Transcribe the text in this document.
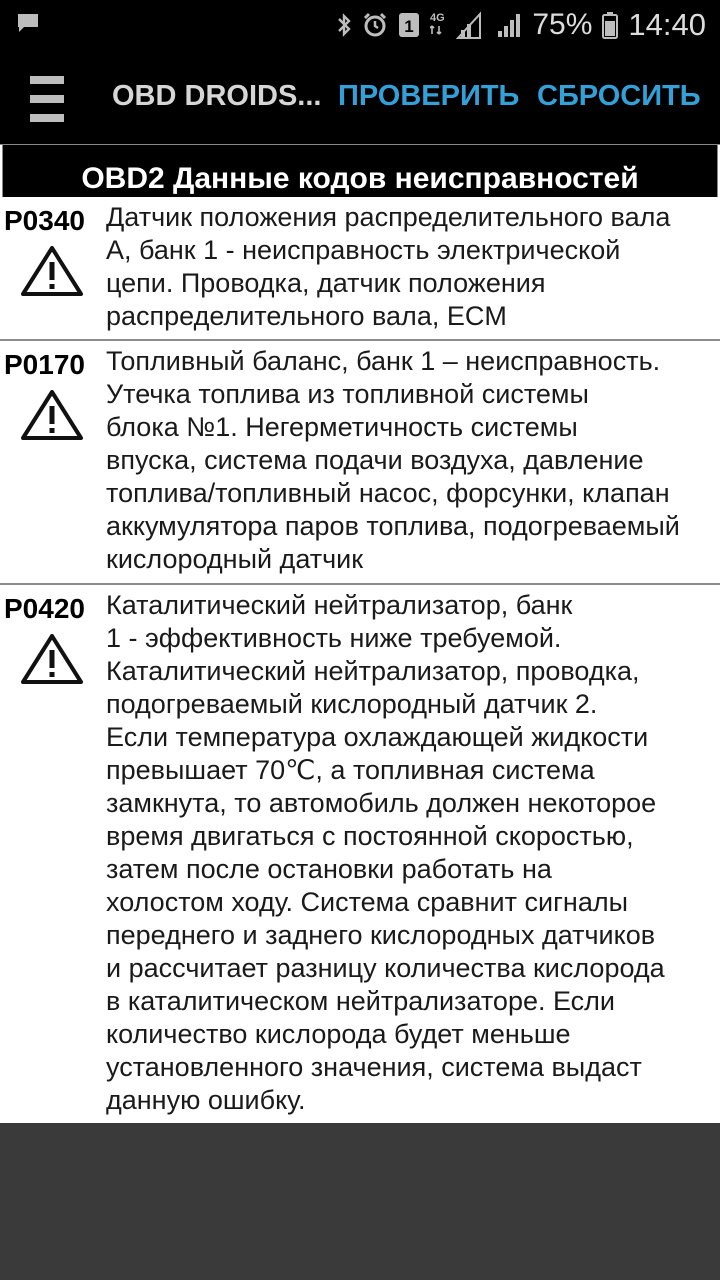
1 4G	75% 14:40
OBD DROIDS... ПРОВЕРИТЬ СБРОСИТЬ
OBD2 Данные кодов неисправностей
P0340 Датчик положения распределительного вала
А, банк 1 - неисправность электрической
цепи. Проводка, датчик положения
распределительного вала, ECM
P0170 Топливный баланс, банк 1 – неисправность.
Утечка топлива из топливной системы
блока №1. Негерметичность системы
впуска, система подачи воздуха, давление
топлива/топливный насос, форсунки, клапан
аккумулятора паров топлива, подогреваемый
кислородный датчик
P0420 Каталитический нейтрализатор, банк
1 - эффективность ниже требуемой.
Каталитический нейтрализатор, проводка,
подогреваемый кислородный датчик 2.
Если температура охлаждающей жидкости
превышает 70℃, а топливная система
замкнута, то автомобиль должен некоторое
время двигаться с постоянной скоростью,
затем после остановки работать на
холостом ходу. Система сравнит сигналы
переднего и заднего кислородных датчиков
и рассчитает разницу количества кислорода
в каталитическом нейтрализаторе. Если
количество кислорода будет меньше
установленного значения, система выдаст
данную ошибку.
